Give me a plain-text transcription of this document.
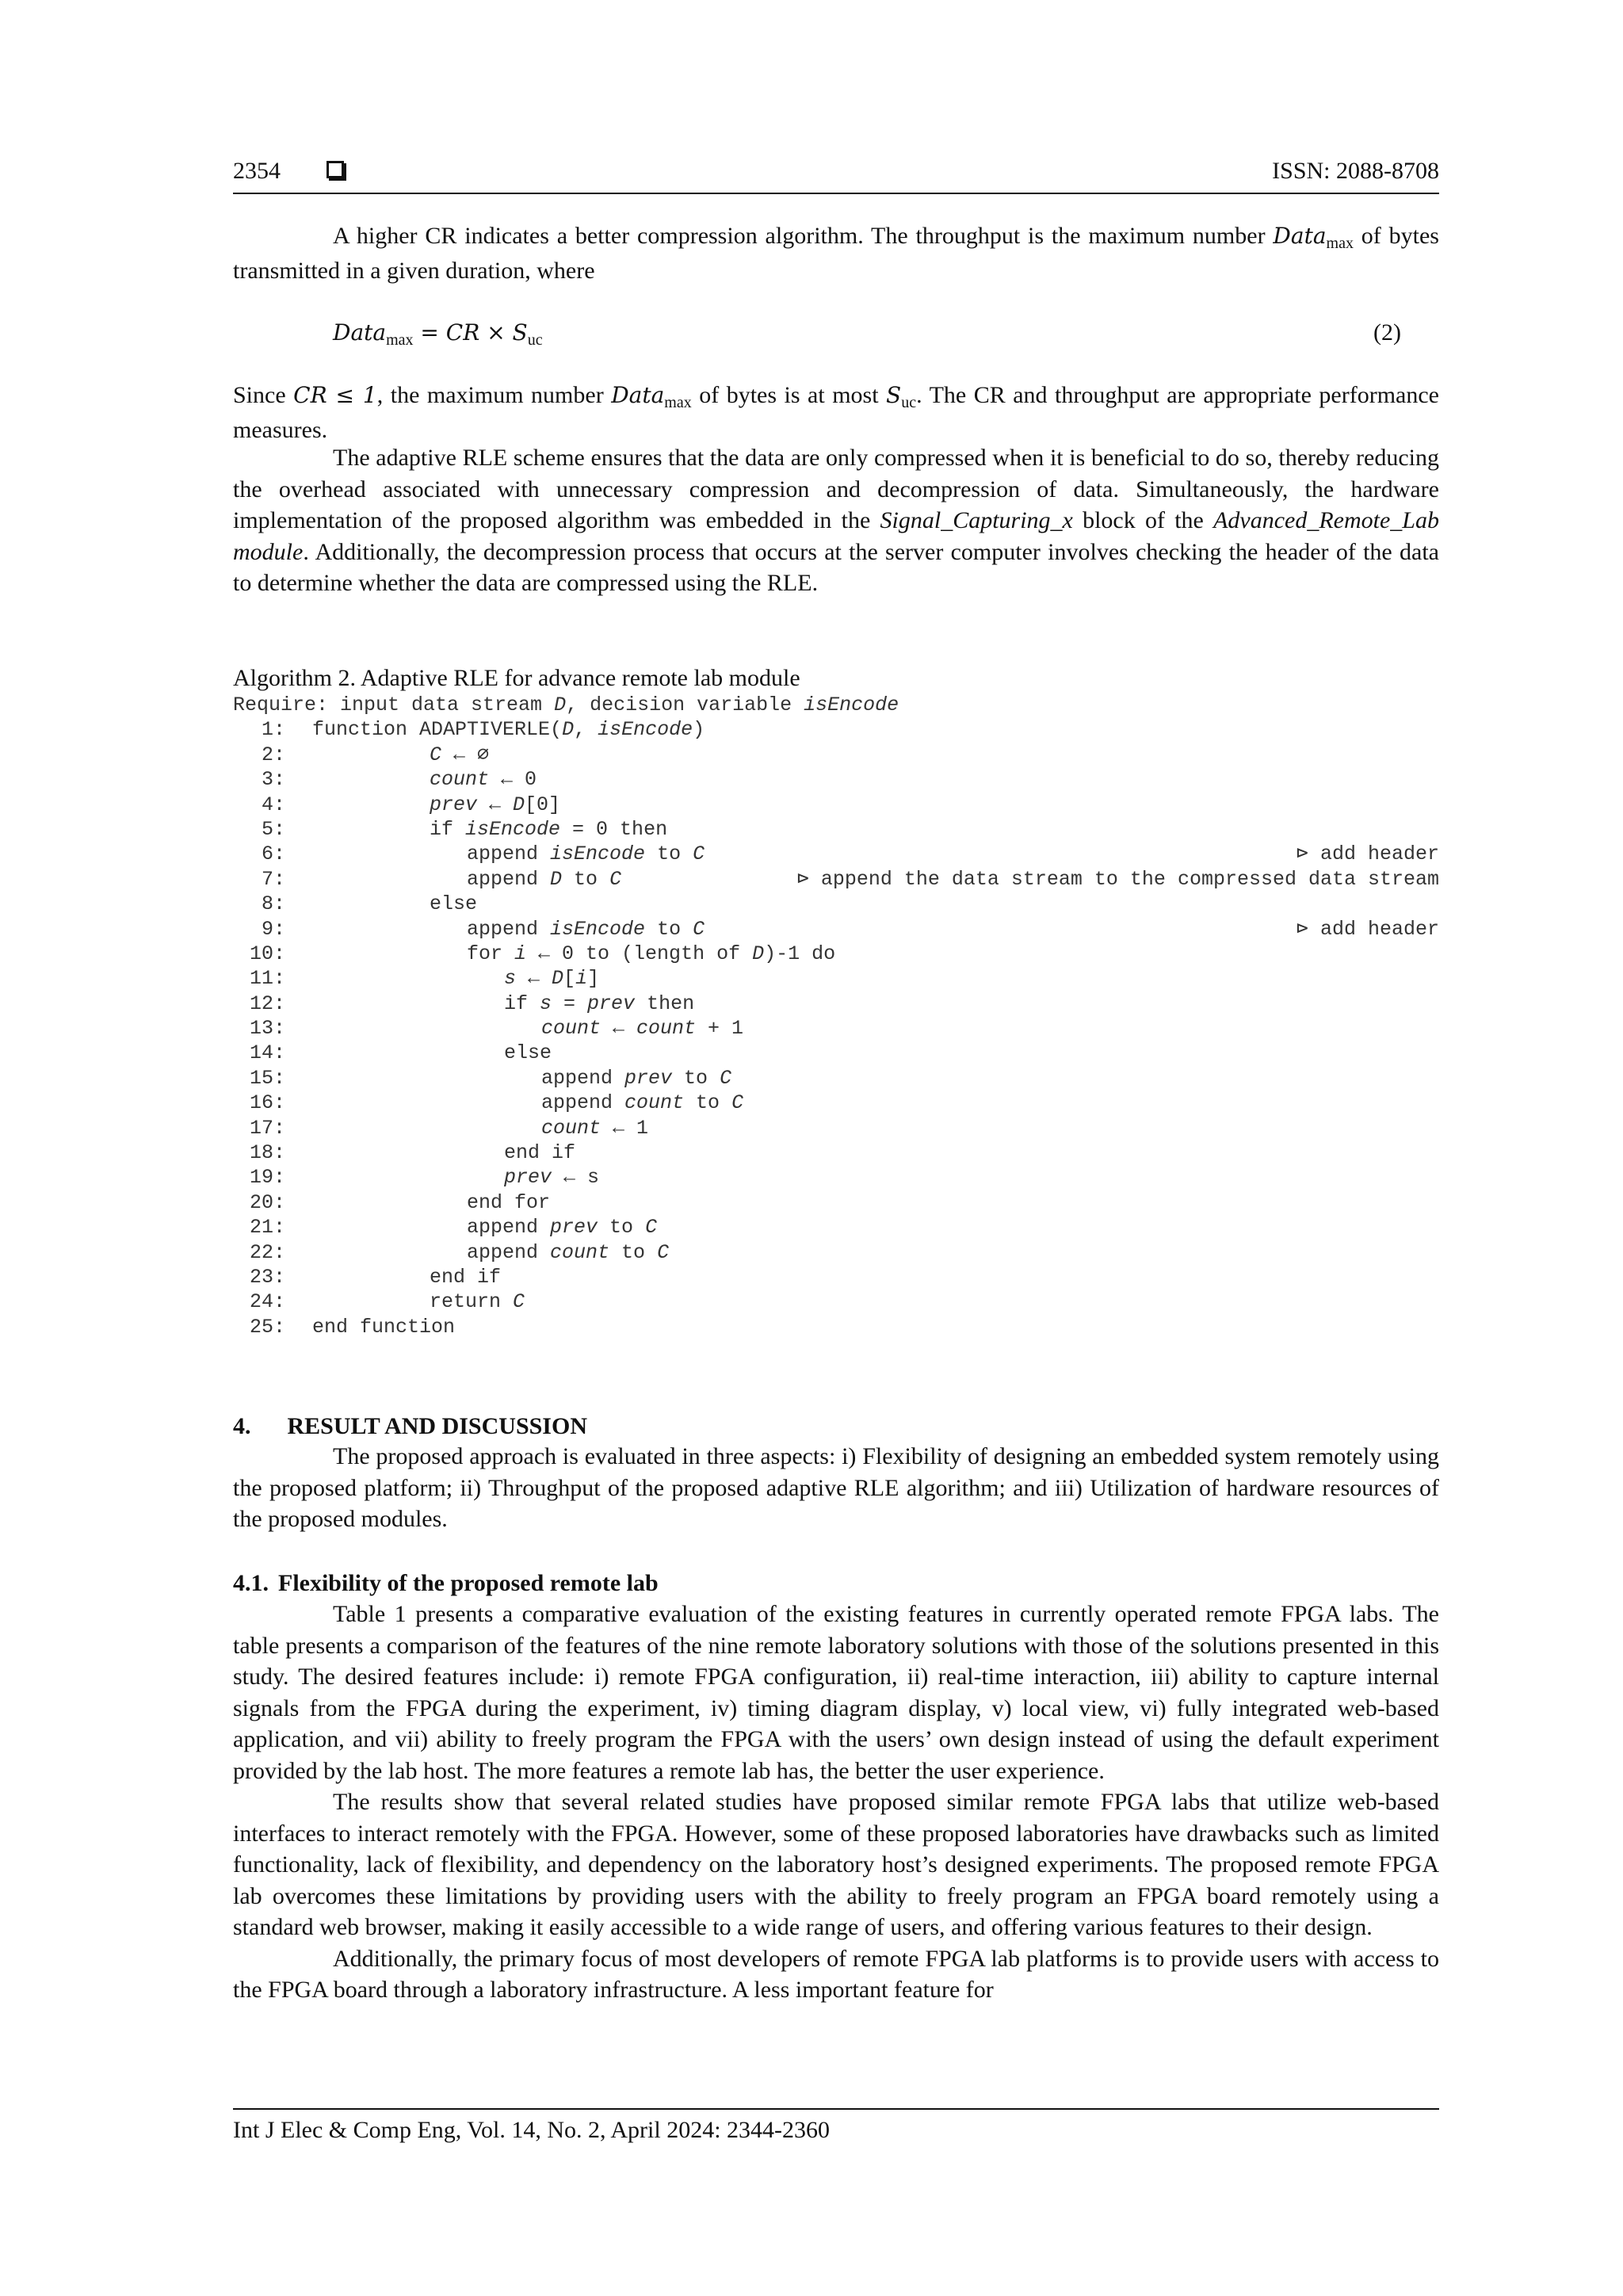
2354	ISSN: 2088-8708

A higher CR indicates a better compression algorithm. The throughput is the maximum number Data$_{max}$ of bytes transmitted in a given duration, where

Data$_{max}$ = CR × $S_{uc}$	(2)

Since CR ≤ 1, the maximum number Data$_{max}$ of bytes is at most $S_{uc}$. The CR and throughput are appropriate performance measures.

The adaptive RLE scheme ensures that the data are only compressed when it is beneficial to do so, thereby reducing the overhead associated with unnecessary compression and decompression of data. Simultaneously, the hardware implementation of the proposed algorithm was embedded in the Signal_Capturing_x block of the Advanced_Remote_Lab module. Additionally, the decompression process that occurs at the server computer involves checking the header of the data to determine whether the data are compressed using the RLE.

Algorithm 2. Adaptive RLE for advance remote lab module

Require: input data stream D, decision variable isEncode

1: function ADAPTIVERLE(D, isEncode)
2:	C ← ∅
3:	count ← 0
4:	prev ← D[0]
5:	if isEncode = 0 then
6:	append isEncode to C	⊳ add header
7:	append D to C	⊳ append the data stream to the compressed data stream
8:	else
9:	append isEncode to C	⊳ add header
10:	for i ← 0 to (length of D)-1 do
11:	s ← D[i]
12:	if s = prev then
13:	count ← count + 1
14:	else
15:	append prev to C
16:	append count to C
17:	count ← 1
18:	end if
19:	prev ← s
20:	end for
21:	append prev to C
22:	append count to C
23:	end if
24:	return C
25: end function
4. RESULT AND DISCUSSION

The proposed approach is evaluated in three aspects: i) Flexibility of designing an embedded system remotely using the proposed platform; ii) Throughput of the proposed adaptive RLE algorithm; and iii) Utilization of hardware resources of the proposed modules.

4.1. Flexibility of the proposed remote lab

Table 1 presents a comparative evaluation of the existing features in currently operated remote FPGA labs. The table presents a comparison of the features of the nine remote laboratory solutions with those of the solutions presented in this study. The desired features include: i) remote FPGA configuration, ii) real-time interaction, iii) ability to capture internal signals from the FPGA during the experiment, iv) timing diagram display, v) local view, vi) fully integrated web-based application, and vii) ability to freely program the FPGA with the users’ own design instead of using the default experiment provided by the lab host. The more features a remote lab has, the better the user experience.

The results show that several related studies have proposed similar remote FPGA labs that utilize web-based interfaces to interact remotely with the FPGA. However, some of these proposed laboratories have drawbacks such as limited functionality, lack of flexibility, and dependency on the laboratory host’s designed experiments. The proposed remote FPGA lab overcomes these limitations by providing users with the ability to freely program an FPGA board remotely using a standard web browser, making it easily accessible to a wide range of users, and offering various features to their design.

Additionally, the primary focus of most developers of remote FPGA lab platforms is to provide users with access to the FPGA board through a laboratory infrastructure. A less important feature for

Int J Elec & Comp Eng, Vol. 14, No. 2, April 2024: 2344-2360
